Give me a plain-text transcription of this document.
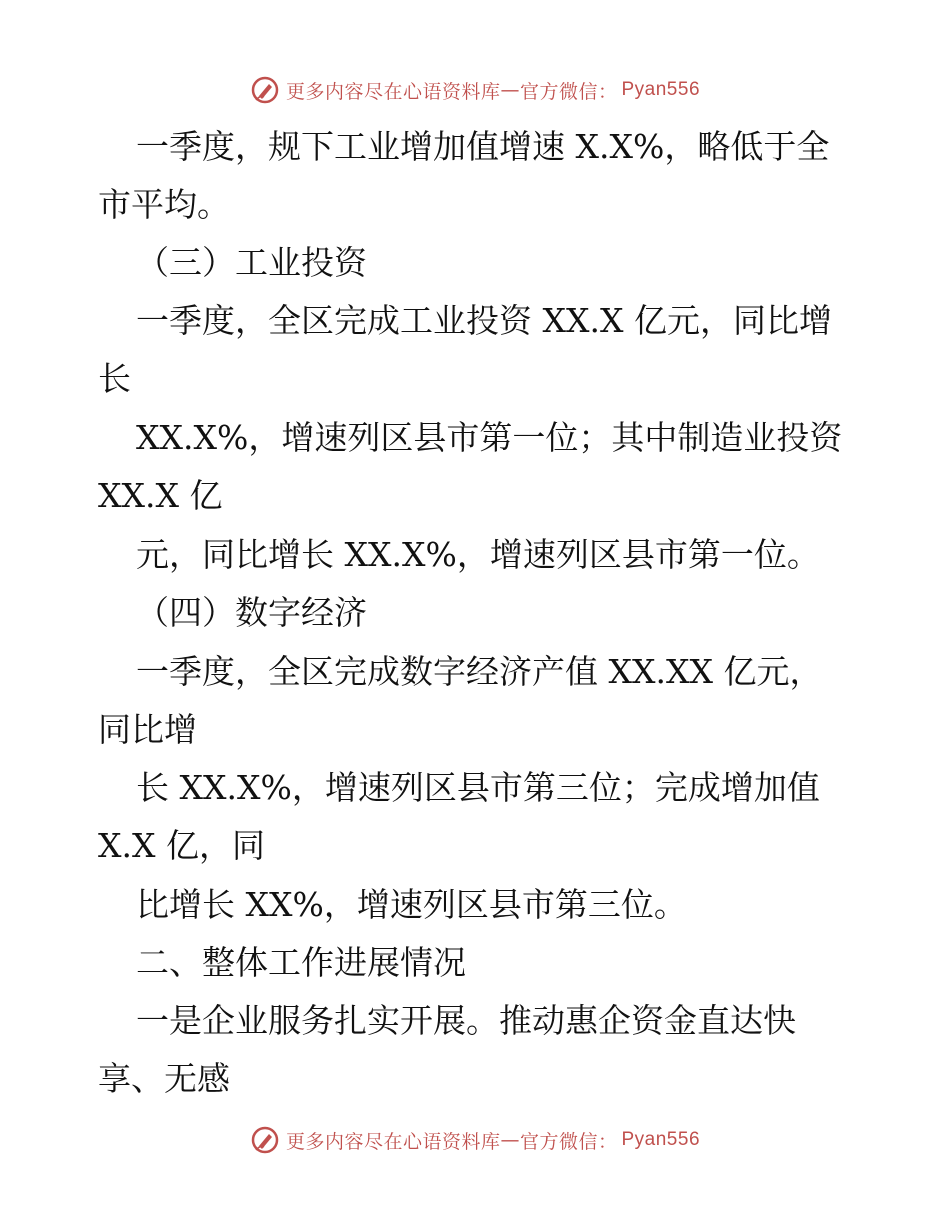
更多内容尽在心语资料库 — 官方微信： Pyan556
一季度，规下工业增加值增速 X.X%，略低于全
市平均。
（三）工业投资
一季度，全区完成工业投资 XX.X 亿元，同比增
长
XX.X%，增速列区县市第一位；其中制造业投资
XX.X 亿
元，同比增长 XX.X%，增速列区县市第一位。
（四）数字经济
一季度，全区完成数字经济产值 XX.XX 亿元，
同比增
长 XX.X%，增速列区县市第三位；完成增加值
X.X 亿，同
比增长 XX%，增速列区县市第三位。
二、整体工作进展情况
一是企业服务扎实开展。推动惠企资金直达快
享、无感
更多内容尽在心语资料库 — 官方微信： Pyan556
